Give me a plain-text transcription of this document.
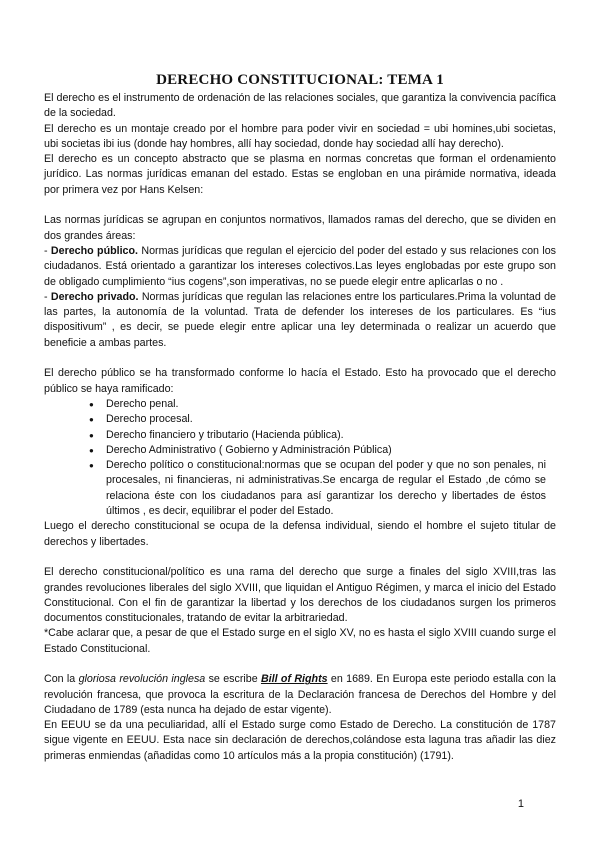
DERECHO CONSTITUCIONAL: TEMA 1

El derecho es el instrumento de ordenación de las relaciones sociales, que garantiza la convivencia pacífica de la sociedad.

El derecho es un montaje creado por el hombre para poder vivir en sociedad = ubi homines,ubi societas, ubi societas ibi ius (donde hay hombres, allí hay sociedad, donde hay sociedad allí hay derecho).

El derecho es un concepto abstracto que se plasma en normas concretas que forman el ordenamiento jurídico. Las normas jurídicas emanan del estado. Estas se engloban en una pirámide normativa, ideada por primera vez por Hans Kelsen:

Las normas jurídicas se agrupan en conjuntos normativos, llamados ramas del derecho, que se dividen en dos grandes áreas:

- Derecho público. Normas jurídicas que regulan el ejercicio del poder del estado y sus relaciones con los ciudadanos. Está orientado a garantizar los intereses colectivos.Las leyes englobadas por este grupo son de obligado cumplimiento “ius cogens”,son imperativas, no se puede elegir entre aplicarlas o no .

- Derecho privado. Normas jurídicas que regulan las relaciones entre los particulares.Prima la voluntad de las partes, la autonomía de la voluntad. Trata de defender los intereses de los particulares. Es “ius dispositivum” , es decir, se puede elegir entre aplicar una ley determinada o realizar un acuerdo que beneficie a ambas partes.

El derecho público se ha transformado conforme lo hacía el Estado. Esto ha provocado que el derecho público se haya ramificado:

● Derecho penal.
● Derecho procesal.
● Derecho financiero y tributario (Hacienda pública).
● Derecho Administrativo ( Gobierno y Administración Pública)
● Derecho político o constitucional:normas que se ocupan del poder y que no son penales, ni procesales, ni financieras, ni administrativas.Se encarga de regular el Estado ,de cómo se relaciona éste con los ciudadanos para así garantizar los derecho y libertades de éstos últimos , es decir, equilibrar el poder del Estado.

Luego el derecho constitucional se ocupa de la defensa individual, siendo el hombre el sujeto titular de derechos y libertades.

El derecho constitucional/político es una rama del derecho que surge a finales del siglo XVIII,tras las grandes revoluciones liberales del siglo XVIII, que liquidan el Antiguo Régimen, y marca el inicio del Estado Constitucional. Con el fin de garantizar la libertad y los derechos de los ciudadanos surgen los primeros documentos constitucionales, tratando de evitar la arbitrariedad.

*Cabe aclarar que, a pesar de que el Estado surge en el siglo XV, no es hasta el siglo XVIII cuando surge el Estado Constitucional.

Con la gloriosa revolución inglesa se escribe Bill of Rights en 1689. En Europa este periodo estalla con la revolución francesa, que provoca la escritura de la Declaración francesa de Derechos del Hombre y del Ciudadano de 1789 (esta nunca ha dejado de estar vigente).

En EEUU se da una peculiaridad, allí el Estado surge como Estado de Derecho. La constitución de 1787 sigue vigente en EEUU. Esta nace sin declaración de derechos,colándose esta laguna tras añadir las diez primeras enmiendas (añadidas como 10 artículos más a la propia constitución) (1791).

1
